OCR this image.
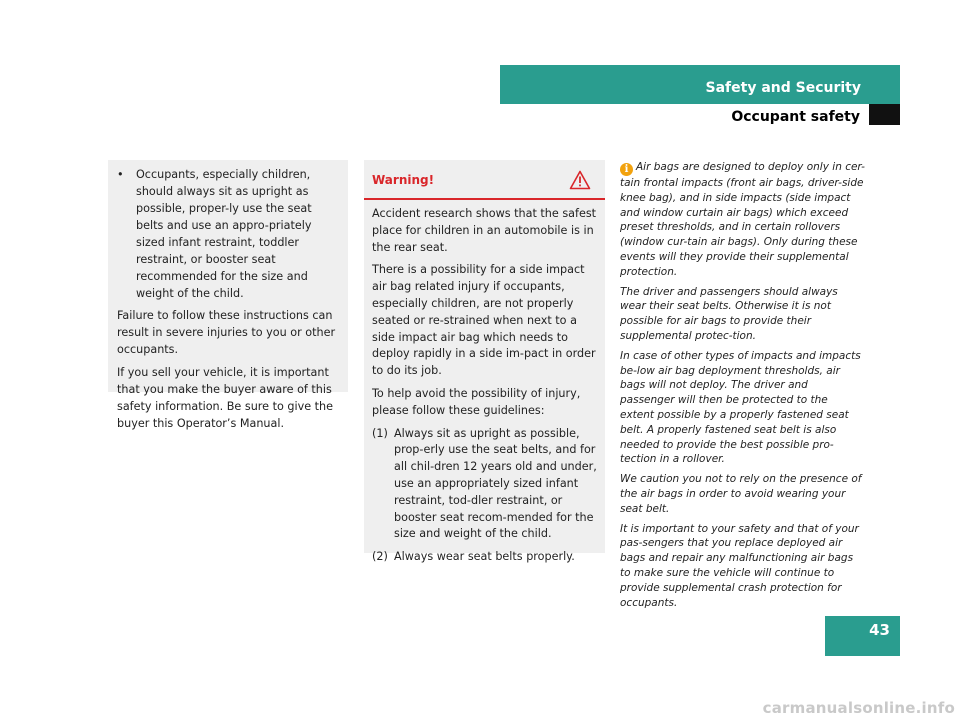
Safety and Security
Occupant safety
•	Occupants, especially children, should always sit as upright as possible, proper-ly use the seat belts and use an appro-priately sized infant restraint, toddler restraint, or booster seat recommended for the size and weight of the child.

Failure to follow these instructions can result in severe injuries to you or other occupants.

If you sell your vehicle, it is important that you make the buyer aware of this safety information. Be sure to give the buyer this Operator’s Manual.

Warning!

Accident research shows that the safest place for children in an automobile is in the rear seat.

There is a possibility for a side impact air bag related injury if occupants, especially children, are not properly seated or re-strained when next to a side impact air bag which needs to deploy rapidly in a side im-pact in order to do its job.

To help avoid the possibility of injury, please follow these guidelines:

(1) Always sit as upright as possible, prop-erly use the seat belts, and for all chil-dren 12 years old and under, use an appropriately sized infant restraint, tod-dler restraint, or booster seat recom-mended for the size and weight of the child.
(2) Always wear seat belts properly.

i Air bags are designed to deploy only in cer-tain frontal impacts (front air bags, driver-side knee bag), and in side impacts (side impact and window curtain air bags) which exceed preset thresholds, and in certain rollovers (window cur-tain air bags). Only during these events will they provide their supplemental protection.

The driver and passengers should always wear their seat belts. Otherwise it is not possible for air bags to provide their supplemental protec-tion.

In case of other types of impacts and impacts be-low air bag deployment thresholds, air bags will not deploy. The driver and passenger will then be protected to the extent possible by a properly fastened seat belt. A properly fastened seat belt is also needed to provide the best possible pro-tection in a rollover.

We caution you not to rely on the presence of the air bags in order to avoid wearing your seat belt.

It is important to your safety and that of your pas-sengers that you replace deployed air bags and repair any malfunctioning air bags to make sure the vehicle will continue to provide supplemental crash protection for occupants.

43
carmanualsonline.info
